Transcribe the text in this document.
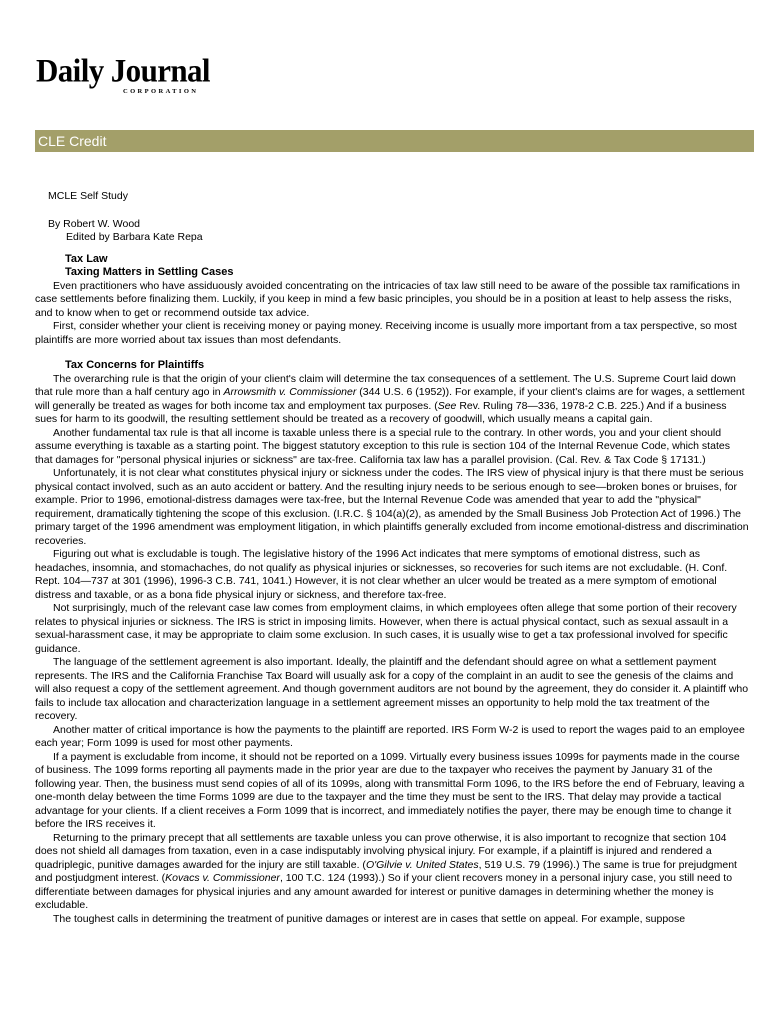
Daily Journal
CORPORATION
CLE Credit
MCLE Self Study
By Robert W. Wood
Edited by Barbara Kate Repa
Tax Law
Taxing Matters in Settling Cases

Even practitioners who have assiduously avoided concentrating on the intricacies of tax law still need to be aware of the possible tax ramifications in case settlements before finalizing them. Luckily, if you keep in mind a few basic principles, you should be in a position at least to help assess the risks, and to know when to get or recommend outside tax advice.

First, consider whether your client is receiving money or paying money. Receiving income is usually more important from a tax perspective, so most plaintiffs are more worried about tax issues than most defendants.

Tax Concerns for Plaintiffs

The overarching rule is that the origin of your client's claim will determine the tax consequences of a settlement. The U.S. Supreme Court laid down that rule more than a half century ago in Arrowsmith v. Commissioner (344 U.S. 6 (1952)). For example, if your client's claims are for wages, a settlement will generally be treated as wages for both income tax and employment tax purposes. (See Rev. Ruling 78—336, 1978-2 C.B. 225.) And if a business sues for harm to its goodwill, the resulting settlement should be treated as a recovery of goodwill, which usually means a capital gain.

Another fundamental tax rule is that all income is taxable unless there is a special rule to the contrary. In other words, you and your client should assume everything is taxable as a starting point. The biggest statutory exception to this rule is section 104 of the Internal Revenue Code, which states that damages for "personal physical injuries or sickness" are tax-free. California tax law has a parallel provision. (Cal. Rev. & Tax Code § 17131.)

Unfortunately, it is not clear what constitutes physical injury or sickness under the codes. The IRS view of physical injury is that there must be serious physical contact involved, such as an auto accident or battery. And the resulting injury needs to be serious enough to see—broken bones or bruises, for example. Prior to 1996, emotional-distress damages were tax-free, but the Internal Revenue Code was amended that year to add the "physical" requirement, dramatically tightening the scope of this exclusion. (I.R.C. § 104(a)(2), as amended by the Small Business Job Protection Act of 1996.) The primary target of the 1996 amendment was employment litigation, in which plaintiffs generally excluded from income emotional-distress and discrimination recoveries.

Figuring out what is excludable is tough. The legislative history of the 1996 Act indicates that mere symptoms of emotional distress, such as headaches, insomnia, and stomachaches, do not qualify as physical injuries or sicknesses, so recoveries for such items are not excludable. (H. Conf. Rept. 104—737 at 301 (1996), 1996-3 C.B. 741, 1041.) However, it is not clear whether an ulcer would be treated as a mere symptom of emotional distress and taxable, or as a bona fide physical injury or sickness, and therefore tax-free.

Not surprisingly, much of the relevant case law comes from employment claims, in which employees often allege that some portion of their recovery relates to physical injuries or sickness. The IRS is strict in imposing limits. However, when there is actual physical contact, such as sexual assault in a sexual-harassment case, it may be appropriate to claim some exclusion. In such cases, it is usually wise to get a tax professional involved for specific guidance.

The language of the settlement agreement is also important. Ideally, the plaintiff and the defendant should agree on what a settlement payment represents. The IRS and the California Franchise Tax Board will usually ask for a copy of the complaint in an audit to see the genesis of the claims and will also request a copy of the settlement agreement. And though government auditors are not bound by the agreement, they do consider it. A plaintiff who fails to include tax allocation and characterization language in a settlement agreement misses an opportunity to help mold the tax treatment of the recovery.

Another matter of critical importance is how the payments to the plaintiff are reported. IRS Form W-2 is used to report the wages paid to an employee each year; Form 1099 is used for most other payments.

If a payment is excludable from income, it should not be reported on a 1099. Virtually every business issues 1099s for payments made in the course of business. The 1099 forms reporting all payments made in the prior year are due to the taxpayer who receives the payment by January 31 of the following year. Then, the business must send copies of all of its 1099s, along with transmittal Form 1096, to the IRS before the end of February, leaving a one-month delay between the time Forms 1099 are due to the taxpayer and the time they must be sent to the IRS. That delay may provide a tactical advantage for your clients. If a client receives a Form 1099 that is incorrect, and immediately notifies the payer, there may be enough time to change it before the IRS receives it.

Returning to the primary precept that all settlements are taxable unless you can prove otherwise, it is also important to recognize that section 104 does not shield all damages from taxation, even in a case indisputably involving physical injury. For example, if a plaintiff is injured and rendered a quadriplegic, punitive damages awarded for the injury are still taxable. (O'Gilvie v. United States, 519 U.S. 79 (1996).) The same is true for prejudgment and postjudgment interest. (Kovacs v. Commissioner, 100 T.C. 124 (1993).) So if your client recovers money in a personal injury case, you still need to differentiate between damages for physical injuries and any amount awarded for interest or punitive damages in determining whether the money is excludable.

The toughest calls in determining the treatment of punitive damages or interest are in cases that settle on appeal. For example, suppose
